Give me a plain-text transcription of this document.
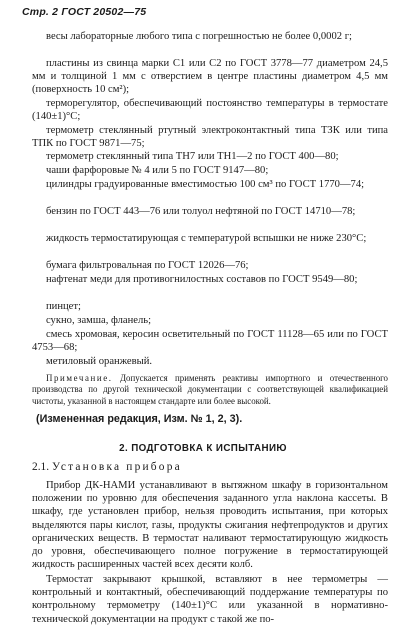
Стр. 2 ГОСТ 20502—75

весы лабораторные любого типа с погрешностью не более 0,0002 г;

пластины из свинца марки С1 или С2 по ГОСТ 3778—77 диаметром 24,5 мм и толщиной 1 мм с отверстием в центре пластины диаметром 4,5 мм (поверхность 10 см²);

терморегулятор, обеспечивающий постоянство температуры в термостате (140±1)°С;

термометр стеклянный ртутный электроконтактный типа ТЗК или типа ТПК по ГОСТ 9871—75;

термометр стеклянный типа ТН7 или ТН1—2 по ГОСТ 400—80;

чаши фарфоровые № 4 или 5 по ГОСТ 9147—80;

цилиндры градуированные вместимостью 100 см³ по ГОСТ 1770—74;

бензин по ГОСТ 443—76 или толуол нефтяной по ГОСТ 14710—78;

жидкость термостатирующая с температурой вспышки не ниже 230°С;

бумага фильтровальная по ГОСТ 12026—76;

нафтенат меди для противогнилостных составов по ГОСТ 9549—80;

пинцет;

сукно, замша, фланель;

смесь хромовая, керосин осветительный по ГОСТ 11128—65 или по ГОСТ 4753—68;

метиловый оранжевый.

Примечание. Допускается применять реактивы импортного и отечественного производства по другой технической документации с соответствующей квалификацией чистоты, указанной в настоящем стандарте или более высокой.

(Измененная редакция, Изм. № 1, 2, 3).

2. ПОДГОТОВКА К ИСПЫТАНИЮ

2.1. Установка прибора

Прибор ДК-НАМИ устанавливают в вытяжном шкафу в горизонтальном положении по уровню для обеспечения заданного угла наклона кассеты. В шкафу, где установлен прибор, нельзя проводить испытания, при которых выделяются пары кислот, газы, продукты сжигания нефтепродуктов и других органических веществ. В термостат наливают термостатирующую жидкость до уровня, обеспечивающего полное погружение в термостатирующей жидкость расширенных частей всех десяти колб.

Термостат закрывают крышкой, вставляют в нее термометры — контрольный и контактный, обеспечивающий поддержание температуры по контрольному термометру (140±1)°С или указанной в нормативно-технической документации на продукт с такой же по-
